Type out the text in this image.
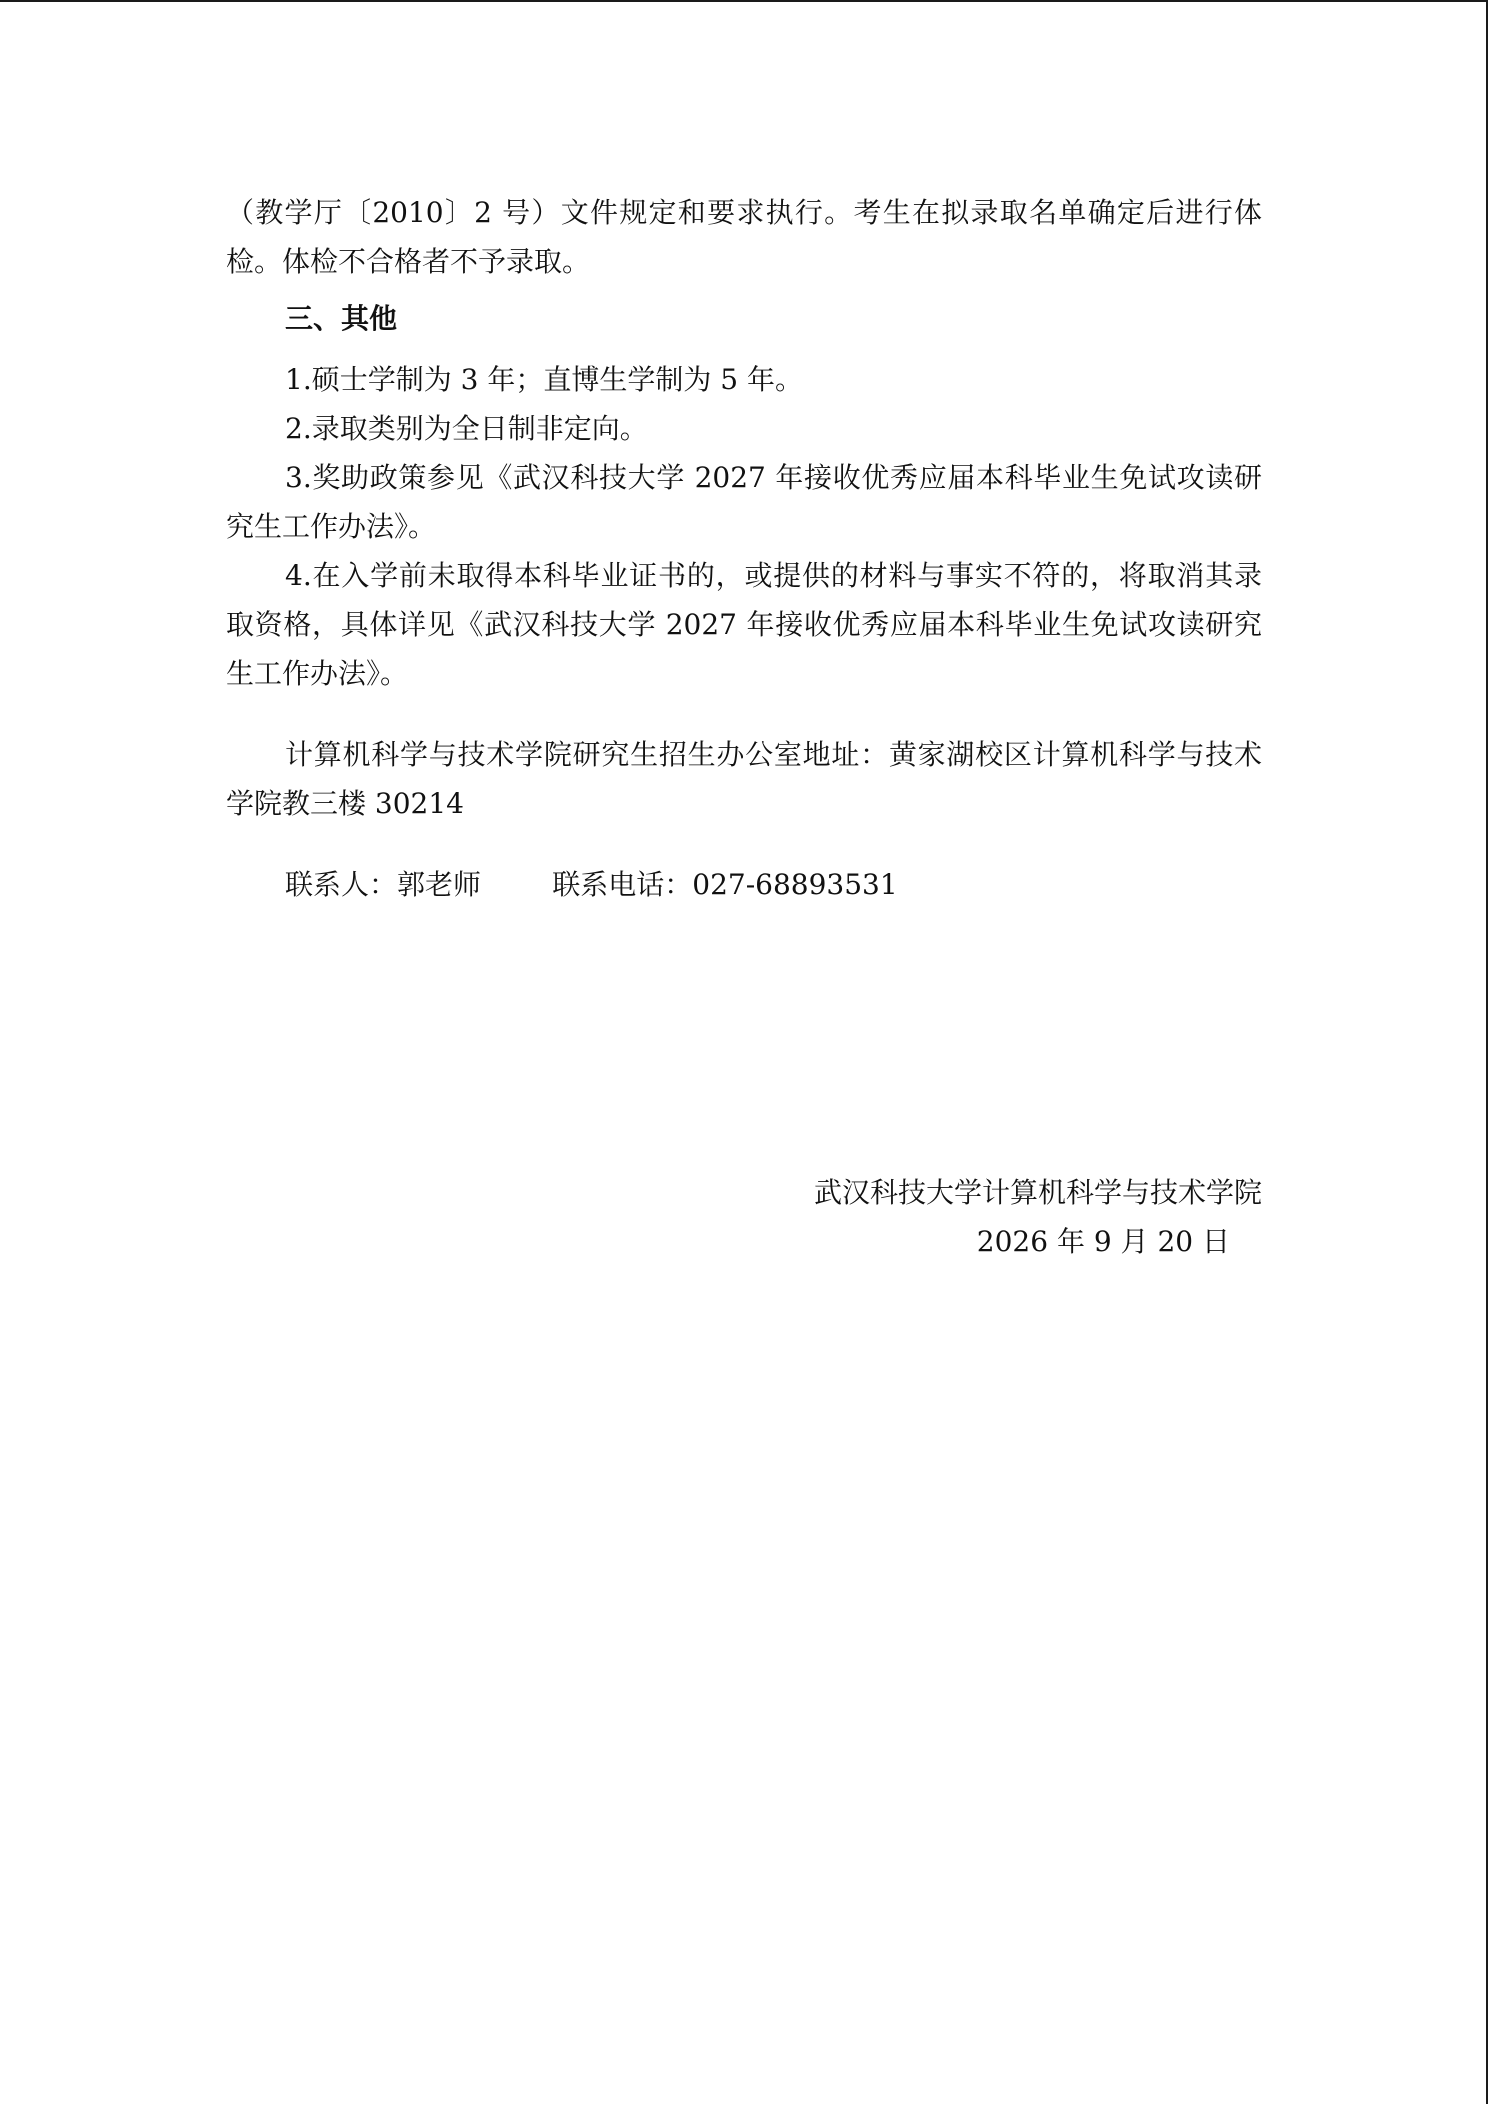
（教学厅〔2010〕2 号）文件规定和要求执行。考生在拟录取名单确定后进行体检。体检不合格者不予录取。

三、其他

1.硕士学制为 3 年；直博生学制为 5 年。

2.录取类别为全日制非定向。

3.奖助政策参见《武汉科技大学 2027 年接收优秀应届本科毕业生免试攻读研究生工作办法》。

4.在入学前未取得本科毕业证书的，或提供的材料与事实不符的，将取消其录取资格，具体详见《武汉科技大学 2027 年接收优秀应届本科毕业生免试攻读研究生工作办法》。

计算机科学与技术学院研究生招生办公室地址：黄家湖校区计算机科学与技术学院教三楼 30214

联系人：郭老师	联系电话：027-68893531

武汉科技大学计算机科学与技术学院
2026 年 9 月 20 日
